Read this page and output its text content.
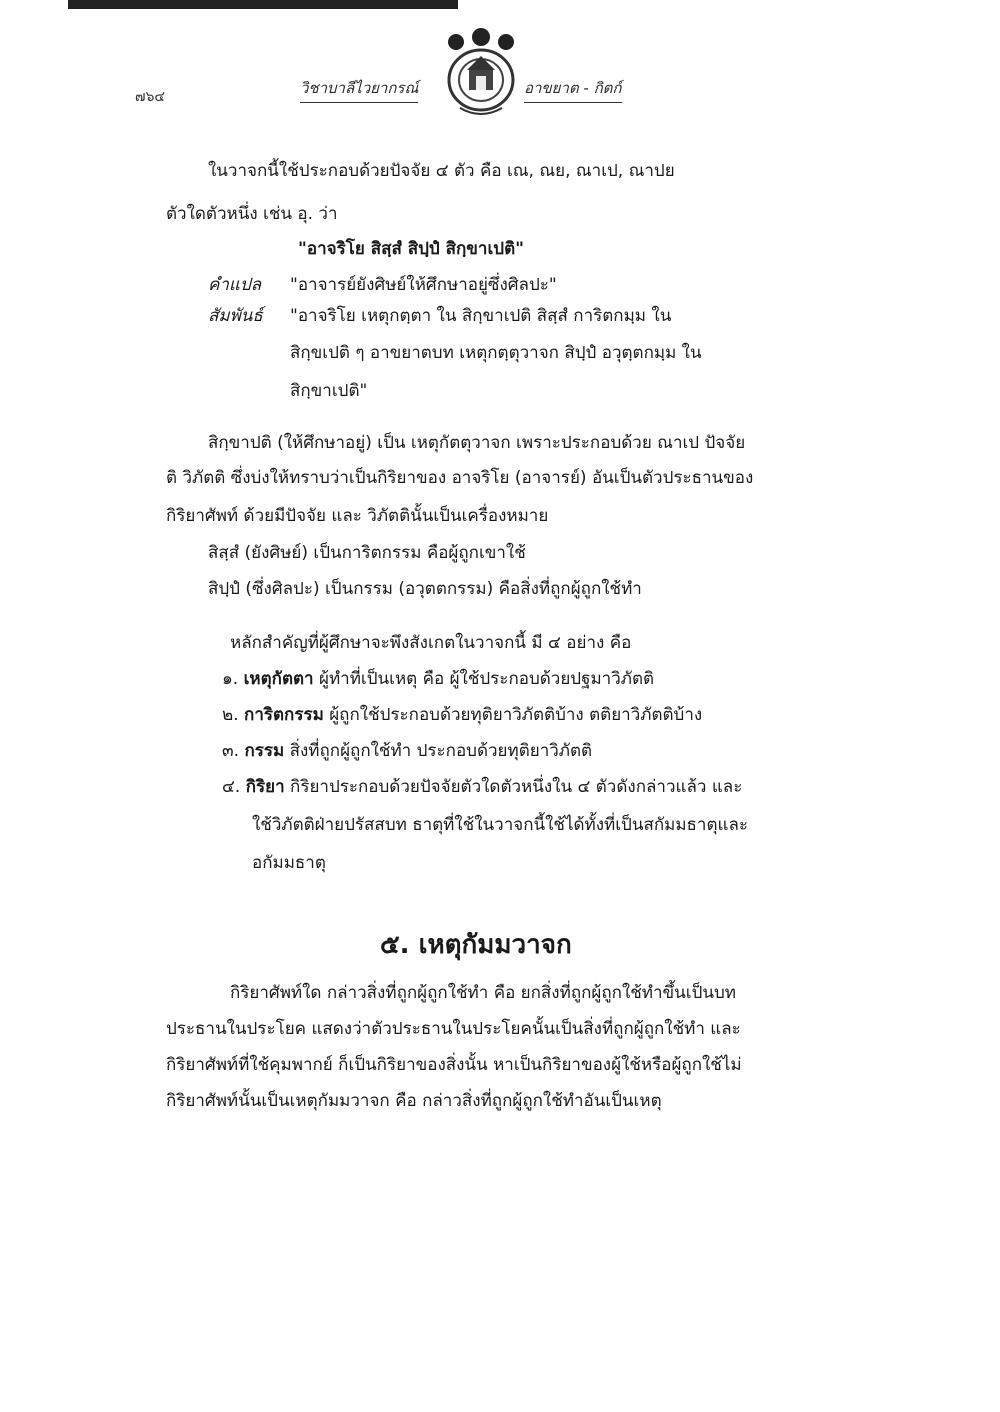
๗๖๔	วิชาบาลีไวยากรณ์	อาขยาต - กิตก์
ในวาจกนี้ใช้ประกอบด้วยปัจจัย ๔ ตัว คือ เณ, ณย, ณาเป, ณาปย
ตัวใดตัวหนึ่ง เช่น อุ. ว่า
"อาจริโย สิสฺสํ สิปฺปํ สิกฺขาเปติ"
คำแปล "อาจารย์ยังศิษย์ให้ศึกษาอยู่ซึ่งศิลปะ"
สัมพันธ์ "อาจริโย เหตุกตฺตา ใน สิกฺขาเปติ สิสฺสํ การิตกมฺม ใน
สิกฺขเปติ ๆ อาขยาตบท เหตุกตฺตุวาจก สิปฺปํ อวุตฺตกมฺม ใน
สิกฺขาเปติ"
สิกฺขาปติ (ให้ศึกษาอยู่) เป็น เหตุกัตตุวาจก เพราะประกอบด้วย ณาเป ปัจจัย
ติ วิภัตติ ซึ่งบ่งให้ทราบว่าเป็นกิริยาของ อาจริโย (อาจารย์) อันเป็นตัวประธานของ
กิริยาศัพท์ ด้วยมีปัจจัย และ วิภัตตินั้นเป็นเครื่องหมาย
สิสฺสํ (ยังศิษย์) เป็นการิตกรรม คือผู้ถูกเขาใช้
สิปฺปํ (ซึ่งศิลปะ) เป็นกรรม (อวุตตกรรม) คือสิ่งที่ถูกผู้ถูกใช้ทำ
หลักสำคัญที่ผู้ศึกษาจะพึงสังเกตในวาจกนี้ มี ๔ อย่าง คือ
๑. เหตุกัตตา ผู้ทำที่เป็นเหตุ คือ ผู้ใช้ประกอบด้วยปฐมาวิภัตติ
๒. การิตกรรม ผู้ถูกใช้ประกอบด้วยทุติยาวิภัตติบ้าง ตติยาวิภัตติบ้าง
๓. กรรม สิ่งที่ถูกผู้ถูกใช้ทำ ประกอบด้วยทุติยาวิภัตติ
๔. กิริยา กิริยาประกอบด้วยปัจจัยตัวใดตัวหนึ่งใน ๔ ตัวดังกล่าวแล้ว และ
ใช้วิภัตติฝ่ายปรัสสบท ธาตุที่ใช้ในวาจกนี้ใช้ได้ทั้งที่เป็นสกัมมธาตุและ
อกัมมธาตุ
๕. เหตุกัมมวาจก
กิริยาศัพท์ใด กล่าวสิ่งที่ถูกผู้ถูกใช้ทำ คือ ยกสิ่งที่ถูกผู้ถูกใช้ทำขึ้นเป็นบท
ประธานในประโยค แสดงว่าตัวประธานในประโยคนั้นเป็นสิ่งที่ถูกผู้ถูกใช้ทำ และ
กิริยาศัพท์ที่ใช้คุมพากย์ ก็เป็นกิริยาของสิ่งนั้น หาเป็นกิริยาของผู้ใช้หรือผู้ถูกใช้ไม่
กิริยาศัพท์นั้นเป็นเหตุกัมมวาจก คือ กล่าวสิ่งที่ถูกผู้ถูกใช้ทำอันเป็นเหตุ
